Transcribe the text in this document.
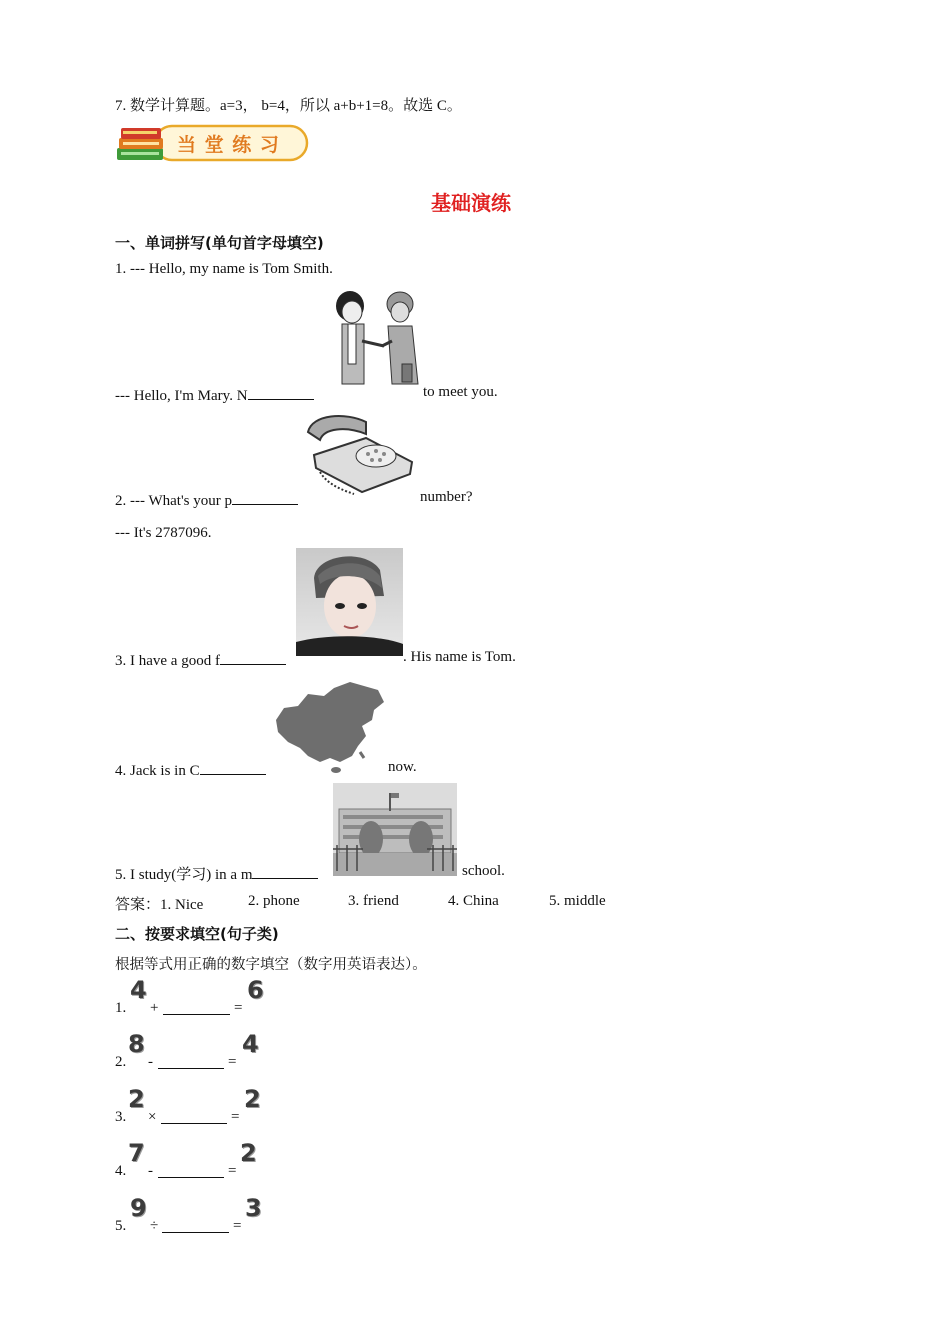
7. 数学计算题。a=3， b=4，所以 a+b+1=8。故选 C。
当 堂 练 习
基础演练
一、单词拼写(单句首字母填空)
1. --- Hello, my name is Tom Smith.
--- Hello, I'm Mary. N	to meet you.
2. --- What's your p	number?
--- It's 2787096.
3. I have a good f	. His name is Tom.
4. Jack is in C	now.
5. I study(学习) in a m	school.
答案：1. Nice	2. phone	3. friend	4. China	5. middle
二、按要求填空(句子类)
根据等式用正确的数字填空（数字用英语表达）。
1.
4
+	=
6
2.
8
-	=
4
3.
2
×	=
2
4.
7
-	=
2
5.
9
÷	=
3
